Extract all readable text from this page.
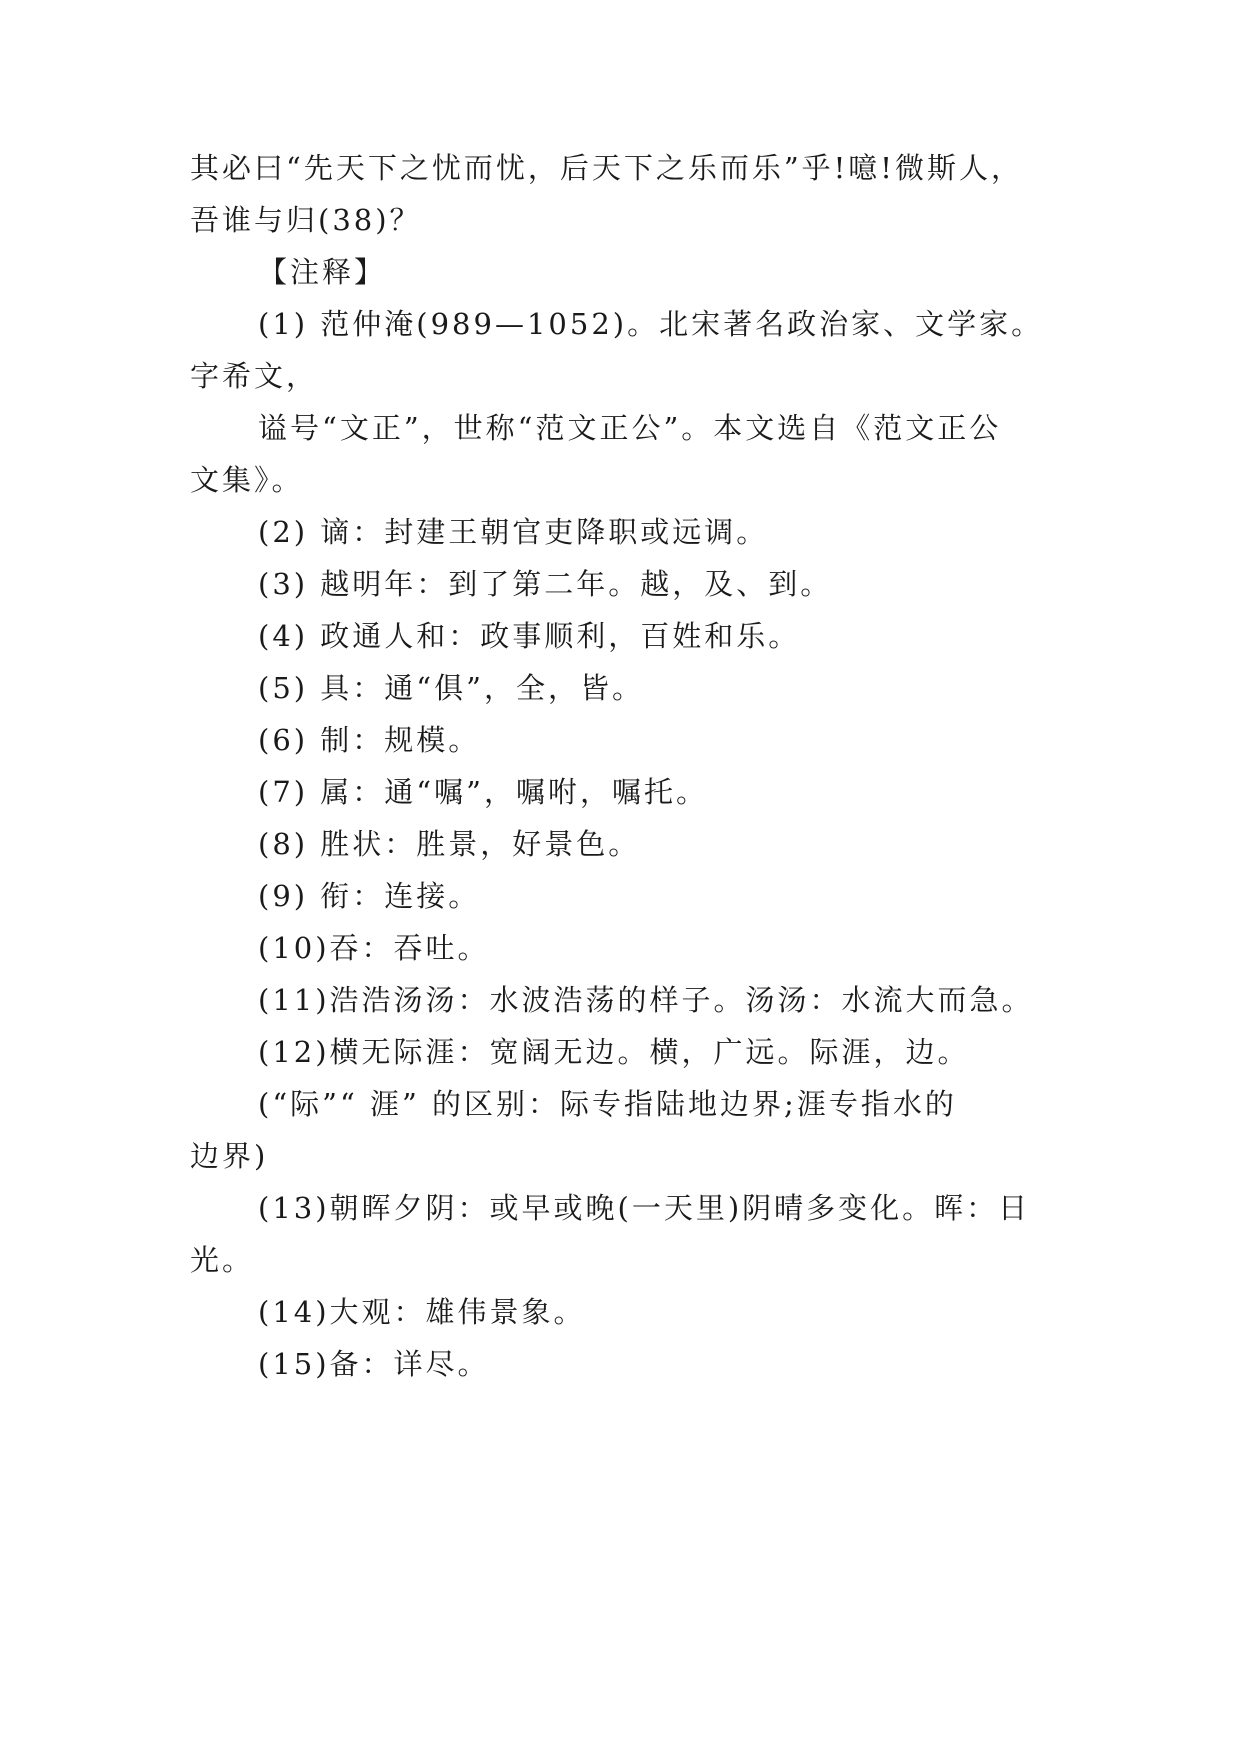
其必曰“先天下之忧而忧，后天下之乐而乐”乎!噫!微斯人，
吾谁与归(38)？
【注释】
(1) 范仲淹(989—1052)。北宋著名政治家、文学家。
字希文，
谥号“文正”，世称“范文正公”。本文选自《范文正公
文集》。
(2) 谪：封建王朝官吏降职或远调。
(3) 越明年：到了第二年。越，及、到。
(4) 政通人和：政事顺利，百姓和乐。
(5) 具：通“俱”，全，皆。
(6) 制：规模。
(7) 属：通“嘱”，嘱咐，嘱托。
(8) 胜状：胜景，好景色。
(9) 衔：连接。
(10)吞：吞吐。
(11)浩浩汤汤：水波浩荡的样子。汤汤：水流大而急。
(12)横无际涯：宽阔无边。横，广远。际涯，边。
(“际”“ 涯” 的区别：际专指陆地边界;涯专指水的
边界)
(13)朝晖夕阴：或早或晚(一天里)阴晴多变化。晖：日
光。
(14)大观：雄伟景象。
(15)备：详尽。
